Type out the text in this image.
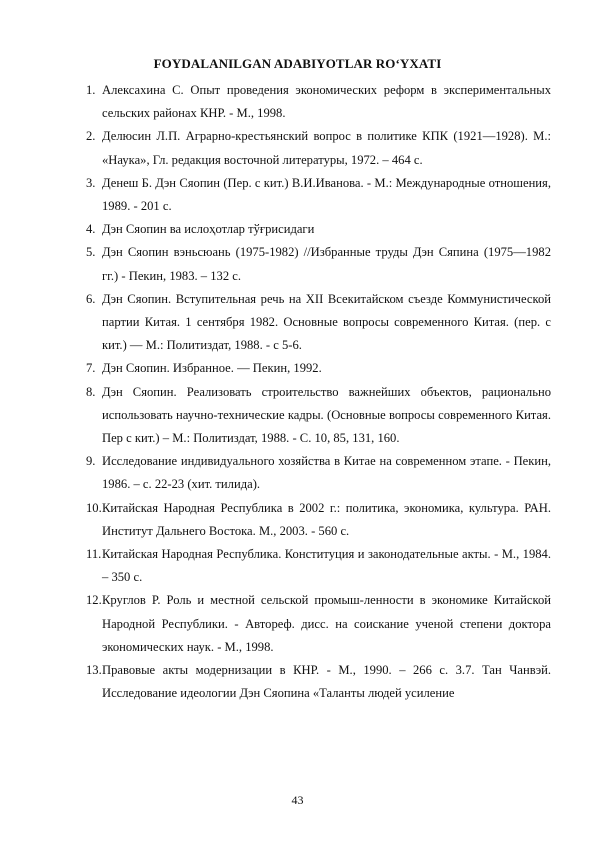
FOYDALANILGAN ADABIYOTLAR RO‘YXATI
1. Алексахина С. Опыт проведения экономических реформ в экспериментальных сельских районах КНР. - М., 1998.
2. Делюсин Л.П. Аграрно-крестьянский вопрос в политике КПК (1921—1928). М.: «Наука», Гл. редакция восточной литературы, 1972. – 464 с.
3. Денеш Б. Дэн Сяопин (Пер. с кит.) В.И.Иванова. - М.: Международные отношения, 1989. - 201 с.
4. Дэн Сяопин ва ислоҳотлар тўғрисидаги
5. Дэн Сяопин вэньсюань (1975-1982) //Избранные труды Дэн Сяпина (1975—1982 гг.) - Пекин, 1983. – 132 с.
6. Дэн Сяопин. Вступительная речь на XII Всекитайском съезде Коммунистической партии Китая. 1 сентября 1982. Основные вопросы современного Китая. (пер. с кит.) — М.: Политиздат, 1988. - с 5-6.
7. Дэн Сяопин. Избранное. — Пекин, 1992.
8. Дэн Сяопин. Реализовать строительство важнейших объектов, рационально использовать научно-технические кадры. (Основные вопросы современного Китая. Пер с кит.) – М.: Политиздат, 1988. - С. 10, 85, 131, 160.
9. Исследование индивидуального хозяйства в Китае на современном этапе. - Пекин, 1986. – с. 22-23 (хит. тилида).
10. Китайская Народная Республика в 2002 г.: политика, экономика, культура. РАН. Институт Дальнего Востока. М., 2003. - 560 с.
11. Китайская Народная Республика. Конституция и законодательные акты. - М., 1984. – 350 с.
12. Круглов Р. Роль и местной сельской промыш-ленности в экономике Китайской Народной Республики. - Автореф. дисс. на соискание ученой степени доктора экономических наук. - М., 1998.
13. Правовые акты модернизации в КНР. - М., 1990. – 266 с. 3.7. Тан Чанвэй. Исследование идеологии Дэн Сяопина «Таланты людей усиление
43
